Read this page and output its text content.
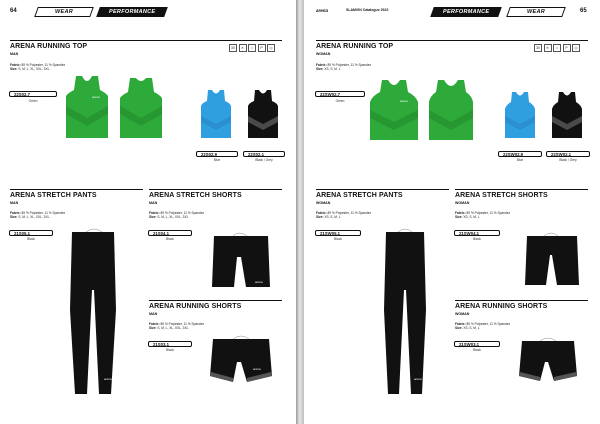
64	WEAR	PERFORMANCE
ARENA RUNNING TOP
MAN
Fabric: 89 % Polyester, 11 % Spandex
Size: S, M, L, XL, XXL, 3XL
30	✕	•	P	◎
22S02.7
Green
arena
22S02.9
Blue
22S02.1
Black / Grey
ARENA STRETCH PANTS
MAN
Fabric: 89 % Polyester, 11 % Spandex
Size: S, M, L, XL, XXL, 3XL
21S05.1
Black
arena
ARENA STRETCH SHORTS
MAN
Fabric: 89 % Polyester, 11 % Spandex
Size: S, M, L, XL, XXL, 3XL
21S04.1
Black
arena
ARENA RUNNING SHORTS
MAN
Fabric: 89 % Polyester, 11 % Spandex
Size: S, M, L, XL, XXL, 3XL
21S03.1
Black
arena
arena	SLAMVIN Catalogue 2022	PERFORMANCE	WEAR	65
ARENA RUNNING TOP
WOMAN
Fabric: 89 % Polyester, 11 % Spandex
Size: XS, S, M, L
30	✕	•	P	◎
22SW02.7
Green	arena
22SW02.9
Blue
22SW02.1
Black / Grey
ARENA STRETCH PANTS
WOMAN
Fabric: 89 % Polyester, 11 % Spandex
Size: XS, S, M, L
21SW05.1
Black
arena
ARENA STRETCH SHORTS
WOMAN
Fabric: 89 % Polyester, 11 % Spandex
Size: XS, S, M, L
21SW04.1
Black
ARENA RUNNING SHORTS
WOMAN
Fabric: 89 % Polyester, 11 % Spandex
Size: XS, S, M, L
21SW03.1
Black
